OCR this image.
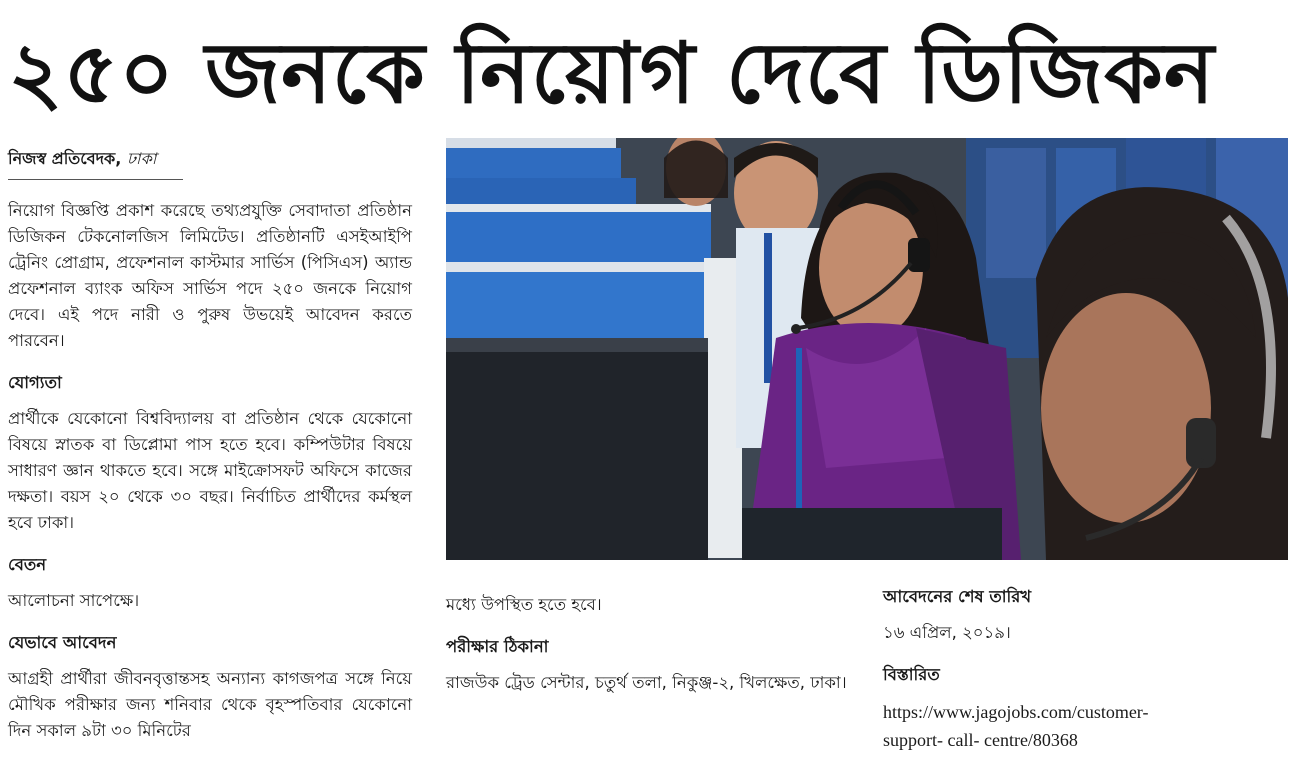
২৫০ জনকে নিয়োগ দেবে ডিজিকন
নিজস্ব প্রতিবেদক, ঢাকা

নিয়োগ বিজ্ঞপ্তি প্রকাশ করেছে তথ্যপ্রযুক্তি সেবাদাতা প্রতিষ্ঠান ডিজিকন টেকনোলজিস লিমিটেড। প্রতিষ্ঠানটি এসইআইপি ট্রেনিং প্রোগ্রাম, প্রফেশনাল কাস্টমার সার্ভিস (পিসিএস) অ্যান্ড প্রফেশনাল ব্যাংক অফিস সার্ভিস পদে ২৫০ জনকে নিয়োগ দেবে। এই পদে নারী ও পুরুষ উভয়েই আবেদন করতে পারবেন।

যোগ্যতা

প্রার্থীকে যেকোনো বিশ্ববিদ্যালয় বা প্রতিষ্ঠান থেকে যেকোনো বিষয়ে স্নাতক বা ডিপ্লোমা পাস হতে হবে। কম্পিউটার বিষয়ে সাধারণ জ্ঞান থাকতে হবে। সঙ্গে মাইক্রোসফট অফিসে কাজের দক্ষতা। বয়স ২০ থেকে ৩০ বছর। নির্বাচিত প্রার্থীদের কর্মস্থল হবে ঢাকা।

বেতন

আলোচনা সাপেক্ষে।

যেভাবে আবেদন

আগ্রহী প্রার্থীরা জীবনবৃত্তান্তসহ অন্যান্য কাগজপত্র সঙ্গে নিয়ে মৌখিক পরীক্ষার জন্য শনিবার থেকে বৃহস্পতিবার যেকোনো দিন সকাল ৯টা ৩০ মিনিটের

মধ্যে উপস্থিত হতে হবে।

পরীক্ষার ঠিকানা

রাজউক ট্রেড সেন্টার, চতুর্থ তলা, নিকুঞ্জ-২, খিলক্ষেত, ঢাকা।

আবেদনের শেষ তারিখ

১৬ এপ্রিল, ২০১৯।

বিস্তারিত

https://www.jagojobs.com/customer-

support- call- centre/80368
